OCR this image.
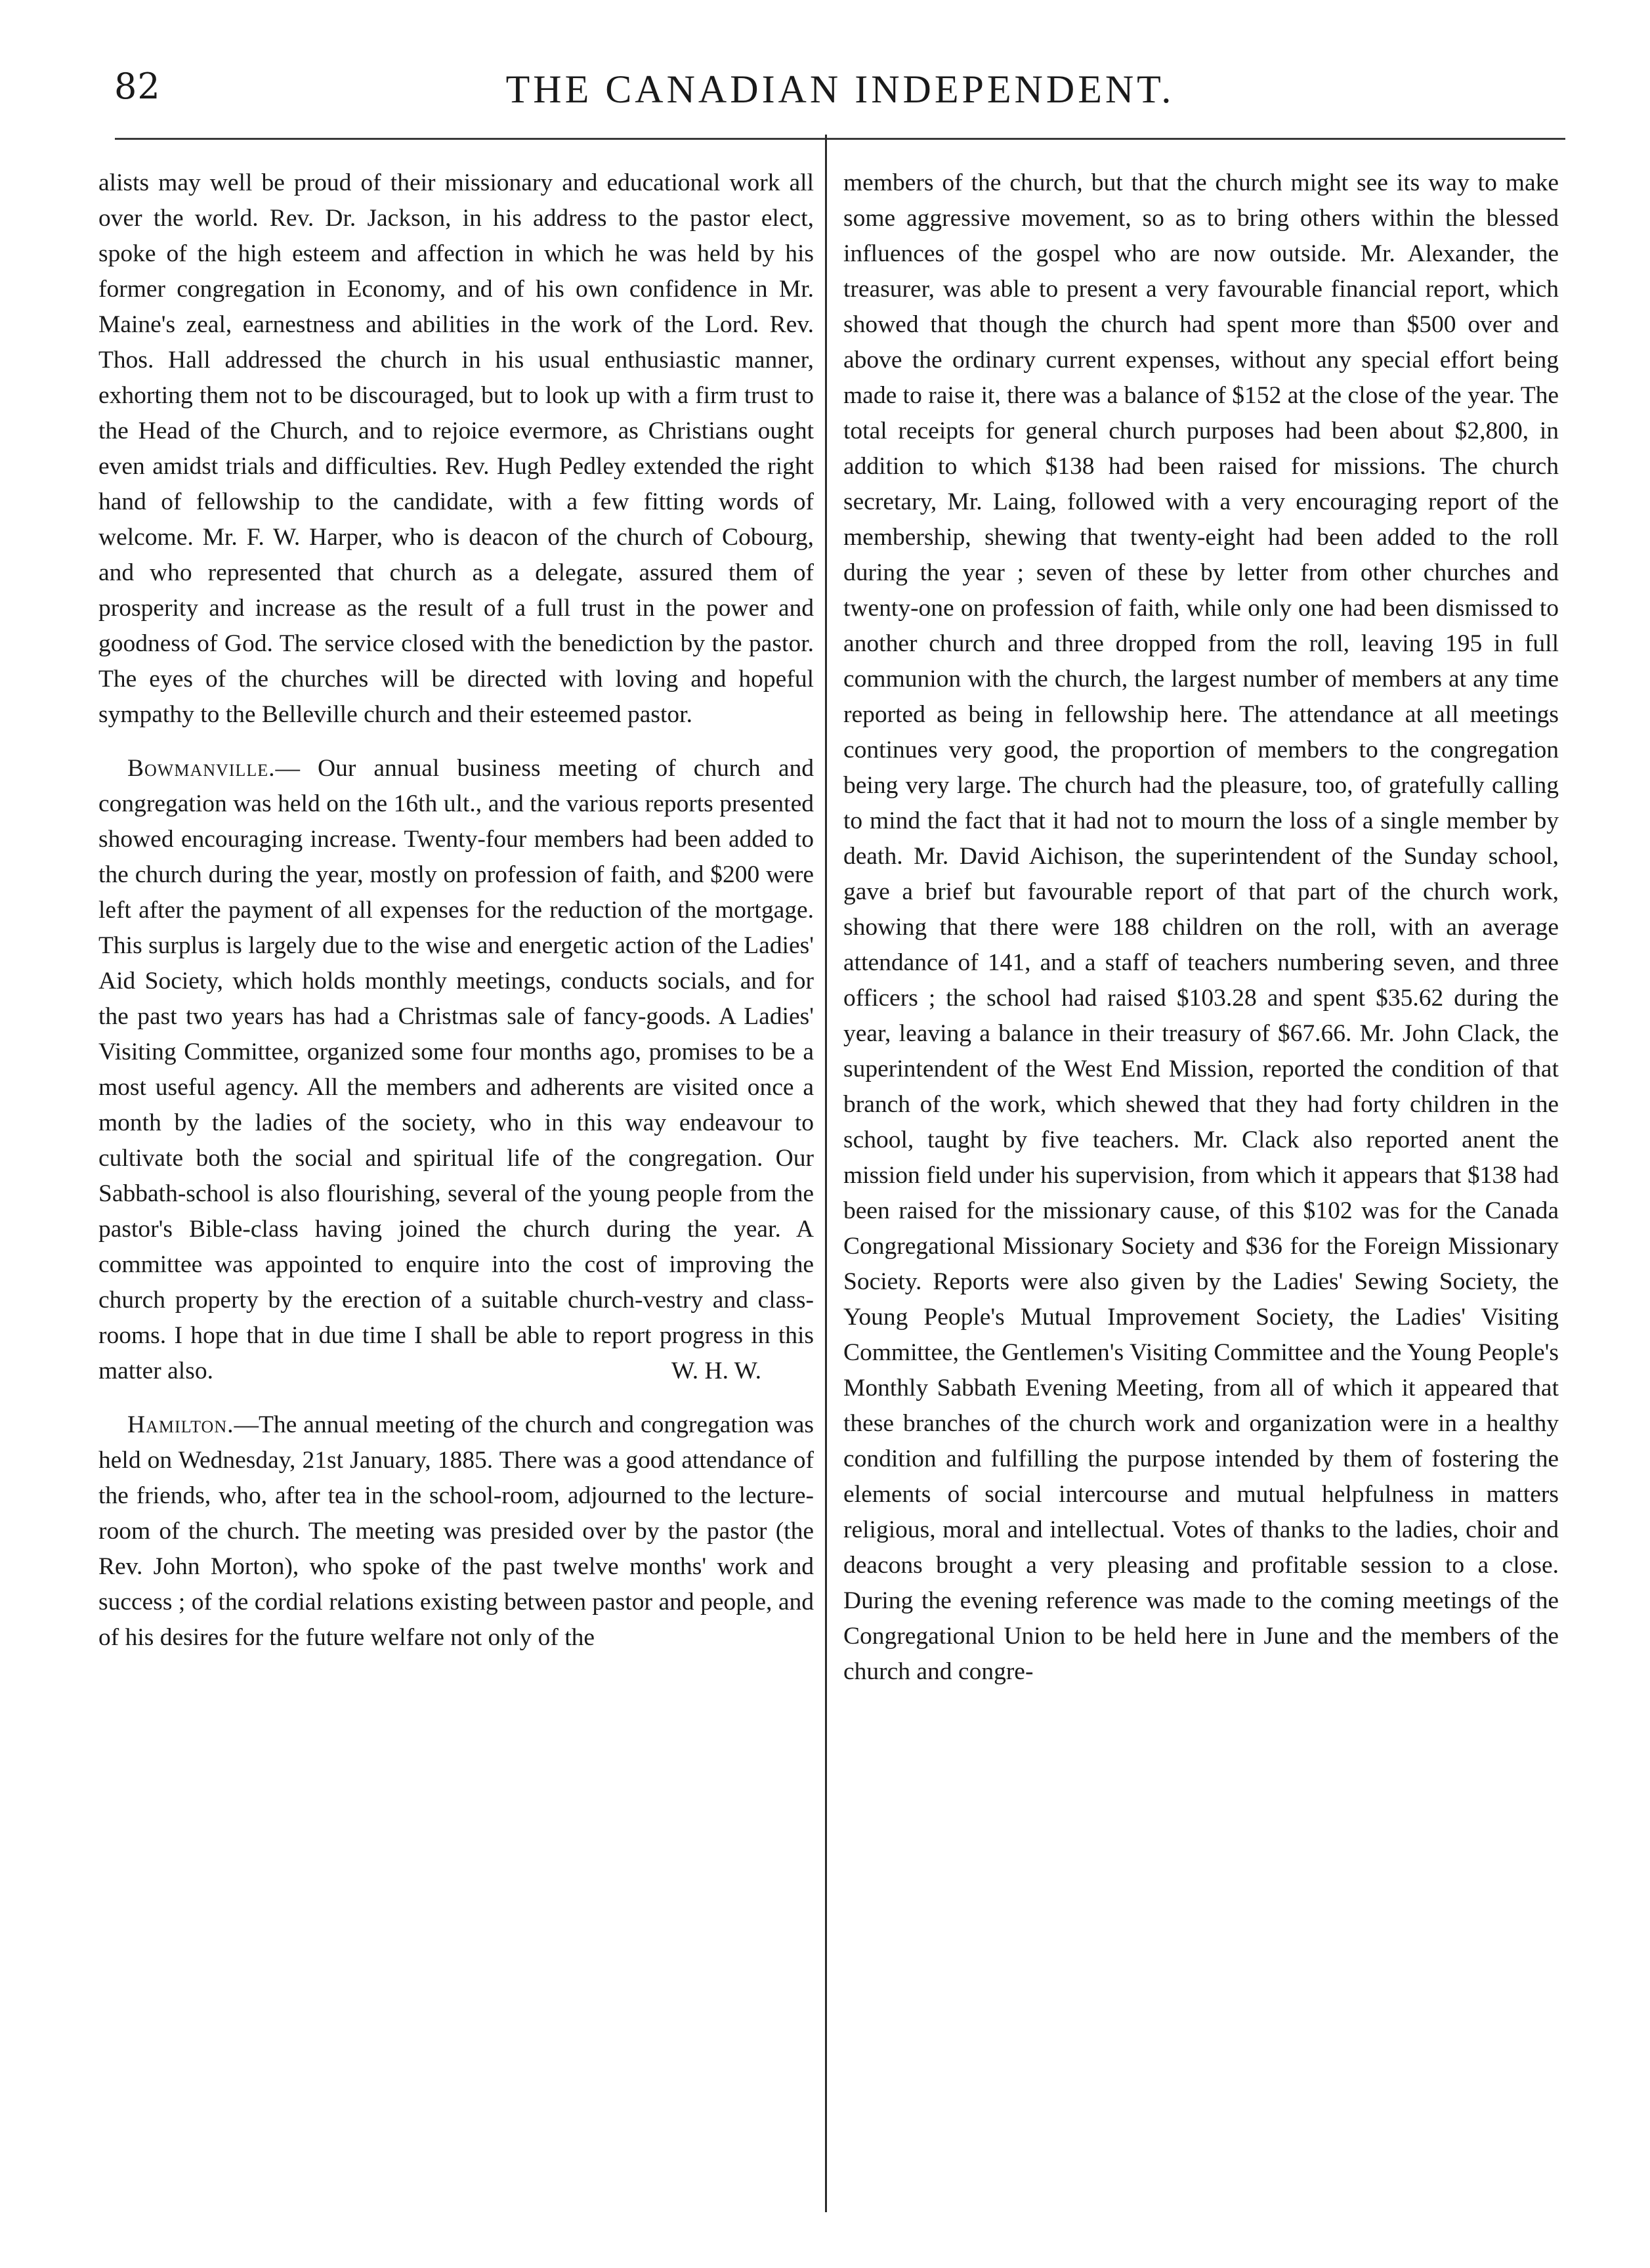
82	THE CANADIAN INDEPENDENT.

alists may well be proud of their missionary and educational work all over the world. Rev. Dr. Jackson, in his address to the pastor elect, spoke of the high esteem and affection in which he was held by his former congregation in Economy, and of his own confidence in Mr. Maine's zeal, earnestness and abilities in the work of the Lord. Rev. Thos. Hall addressed the church in his usual enthusiastic manner, exhorting them not to be discouraged, but to look up with a firm trust to the Head of the Church, and to rejoice evermore, as Christians ought even amidst trials and difficulties. Rev. Hugh Pedley extended the right hand of fellowship to the candidate, with a few fitting words of welcome. Mr. F. W. Harper, who is deacon of the church of Cobourg, and who represented that church as a delegate, assured them of prosperity and increase as the result of a full trust in the power and goodness of God. The service closed with the benediction by the pastor. The eyes of the churches will be directed with loving and hopeful sympathy to the Belleville church and their esteemed pastor.

Bowmanville.— Our annual business meeting of church and congregation was held on the 16th ult., and the various reports presented showed encouraging increase. Twenty-four members had been added to the church during the year, mostly on profession of faith, and $200 were left after the payment of all expenses for the reduction of the mortgage. This surplus is largely due to the wise and energetic action of the Ladies' Aid Society, which holds monthly meetings, conducts socials, and for the past two years has had a Christmas sale of fancy-goods. A Ladies' Visiting Committee, organized some four months ago, promises to be a most useful agency. All the members and adherents are visited once a month by the ladies of the society, who in this way endeavour to cultivate both the social and spiritual life of the congregation. Our Sabbath-school is also flourishing, several of the young people from the pastor's Bible-class having joined the church during the year. A committee was appointed to enquire into the cost of improving the church property by the erection of a suitable church-vestry and class-rooms. I hope that in due time I shall be able to report progress in this matter also.	W. H. W.

Hamilton.—The annual meeting of the church and congregation was held on Wednesday, 21st January, 1885. There was a good attendance of the friends, who, after tea in the school-room, adjourned to the lecture-room of the church. The meeting was presided over by the pastor (the Rev. John Morton), who spoke of the past twelve months' work and success ; of the cordial relations existing between pastor and people, and of his desires for the future welfare not only of the

members of the church, but that the church might see its way to make some aggressive movement, so as to bring others within the blessed influences of the gospel who are now outside. Mr. Alexander, the treasurer, was able to present a very favourable financial report, which showed that though the church had spent more than $500 over and above the ordinary current expenses, without any special effort being made to raise it, there was a balance of $152 at the close of the year. The total receipts for general church purposes had been about $2,800, in addition to which $138 had been raised for missions. The church secretary, Mr. Laing, followed with a very encouraging report of the membership, shewing that twenty-eight had been added to the roll during the year ; seven of these by letter from other churches and twenty-one on profession of faith, while only one had been dismissed to another church and three dropped from the roll, leaving 195 in full communion with the church, the largest number of members at any time reported as being in fellowship here. The attendance at all meetings continues very good, the proportion of members to the congregation being very large. The church had the pleasure, too, of gratefully calling to mind the fact that it had not to mourn the loss of a single member by death. Mr. David Aichison, the superintendent of the Sunday school, gave a brief but favourable report of that part of the church work, showing that there were 188 children on the roll, with an average attendance of 141, and a staff of teachers numbering seven, and three officers ; the school had raised $103.28 and spent $35.62 during the year, leaving a balance in their treasury of $67.66. Mr. John Clack, the superintendent of the West End Mission, reported the condition of that branch of the work, which shewed that they had forty children in the school, taught by five teachers. Mr. Clack also reported anent the mission field under his supervision, from which it appears that $138 had been raised for the missionary cause, of this $102 was for the Canada Congregational Missionary Society and $36 for the Foreign Missionary Society. Reports were also given by the Ladies' Sewing Society, the Young People's Mutual Improvement Society, the Ladies' Visiting Committee, the Gentlemen's Visiting Committee and the Young People's Monthly Sabbath Evening Meeting, from all of which it appeared that these branches of the church work and organization were in a healthy condition and fulfilling the purpose intended by them of fostering the elements of social intercourse and mutual helpfulness in matters religious, moral and intellectual. Votes of thanks to the ladies, choir and deacons brought a very pleasing and profitable session to a close. During the evening reference was made to the coming meetings of the Congregational Union to be held here in June and the members of the church and congre-
